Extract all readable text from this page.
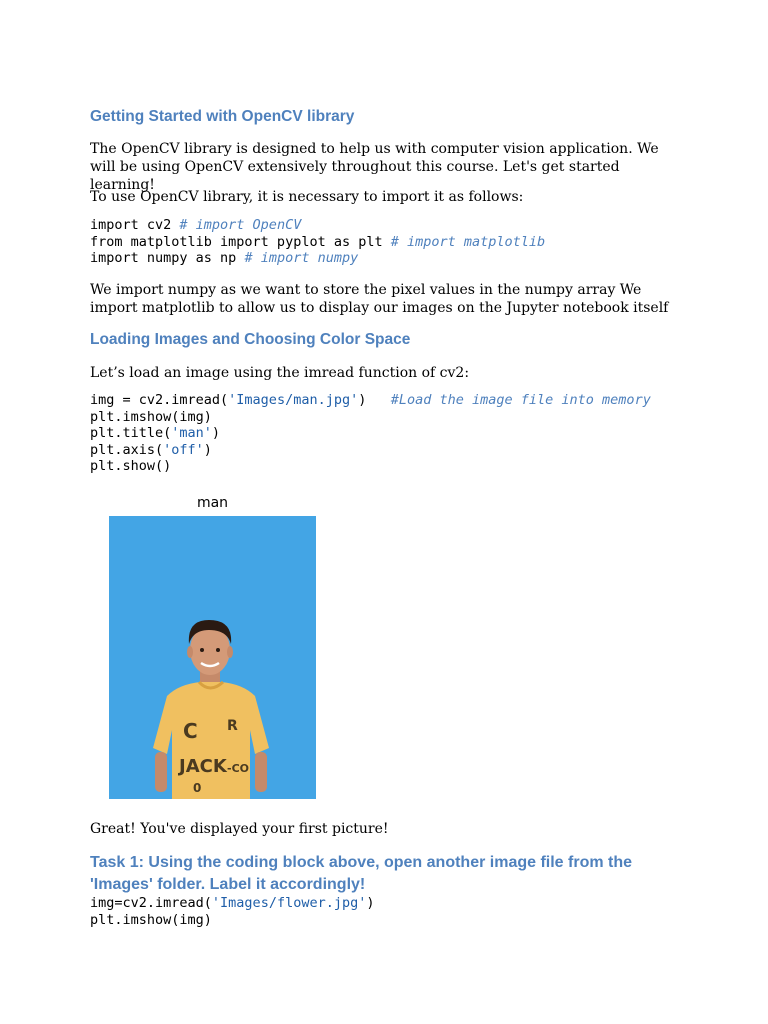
Getting Started with OpenCV library

The OpenCV library is designed to help us with computer vision application. We will be using OpenCV extensively throughout this course. Let's get started learning!

To use OpenCV library, it is necessary to import it as follows:

import cv2 # import OpenCV
from matplotlib import pyplot as plt # import matplotlib
import numpy as np # import numpy

We import numpy as we want to store the pixel values in the numpy array We import matplotlib to allow us to display our images on the Jupyter notebook itself

Loading Images and Choosing Color Space

Let’s load an image using the imread function of cv2:

img = cv2.imread('Images/man.jpg')   #Load the image file into memory
plt.imshow(img)
plt.title('man')
plt.axis('off')
plt.show()
man
C R
JACK -CO
0

Great! You've displayed your first picture!

Task 1: Using the coding block above, open another image file from the 'Images' folder. Label it accordingly!
img=cv2.imread('Images/flower.jpg')
plt.imshow(img)
